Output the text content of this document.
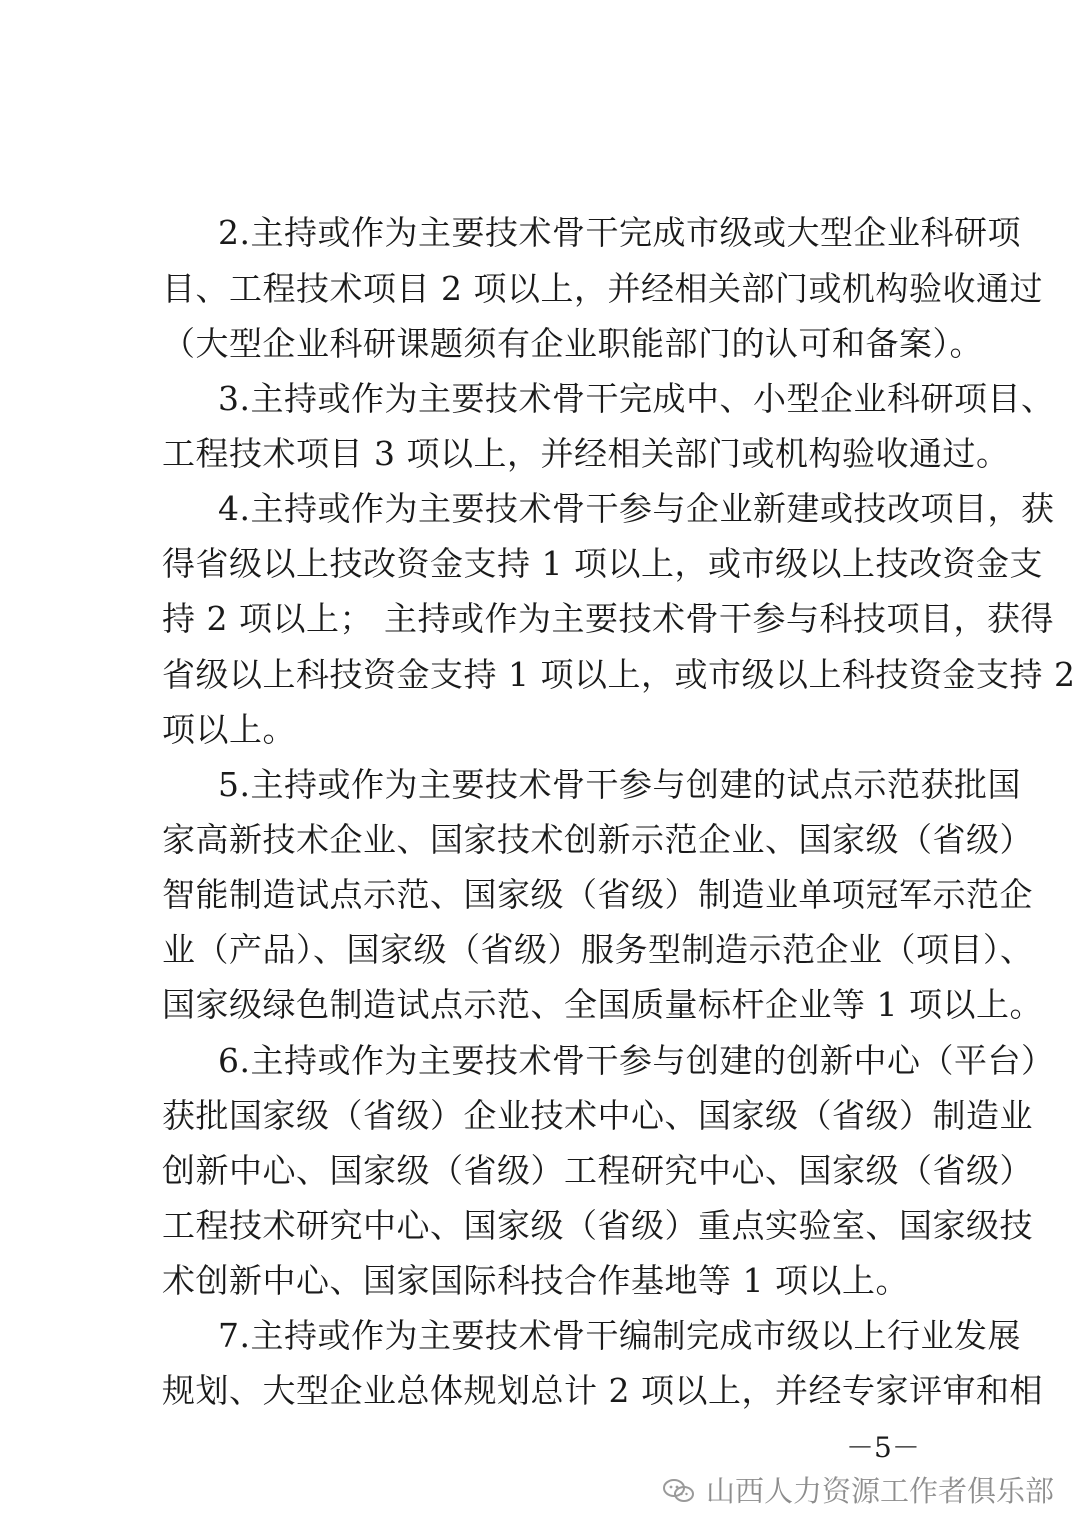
2.主持或作为主要技术骨干完成市级或大型企业科研项
目、工程技术项目 2 项以上，并经相关部门或机构验收通过
（大型企业科研课题须有企业职能部门的认可和备案）。
3.主持或作为主要技术骨干完成中、小型企业科研项目、
工程技术项目 3 项以上，并经相关部门或机构验收通过。
4.主持或作为主要技术骨干参与企业新建或技改项目，获
得省级以上技改资金支持 1 项以上，或市级以上技改资金支
持 2 项以上； 主持或作为主要技术骨干参与科技项目，获得
省级以上科技资金支持 1 项以上，或市级以上科技资金支持 2
项以上。
5.主持或作为主要技术骨干参与创建的试点示范获批国
家高新技术企业、国家技术创新示范企业、国家级（省级）
智能制造试点示范、国家级（省级）制造业单项冠军示范企
业（产品）、国家级（省级）服务型制造示范企业（项目）、
国家级绿色制造试点示范、全国质量标杆企业等 1 项以上。
6.主持或作为主要技术骨干参与创建的创新中心（平台）
获批国家级（省级）企业技术中心、国家级（省级）制造业
创新中心、国家级（省级）工程研究中心、国家级（省级）
工程技术研究中心、国家级（省级）重点实验室、国家级技
术创新中心、国家国际科技合作基地等 1 项以上。
7.主持或作为主要技术骨干编制完成市级以上行业发展
规划、大型企业总体规划总计 2 项以上，并经专家评审和相
－5－
山西人力资源工作者俱乐部
